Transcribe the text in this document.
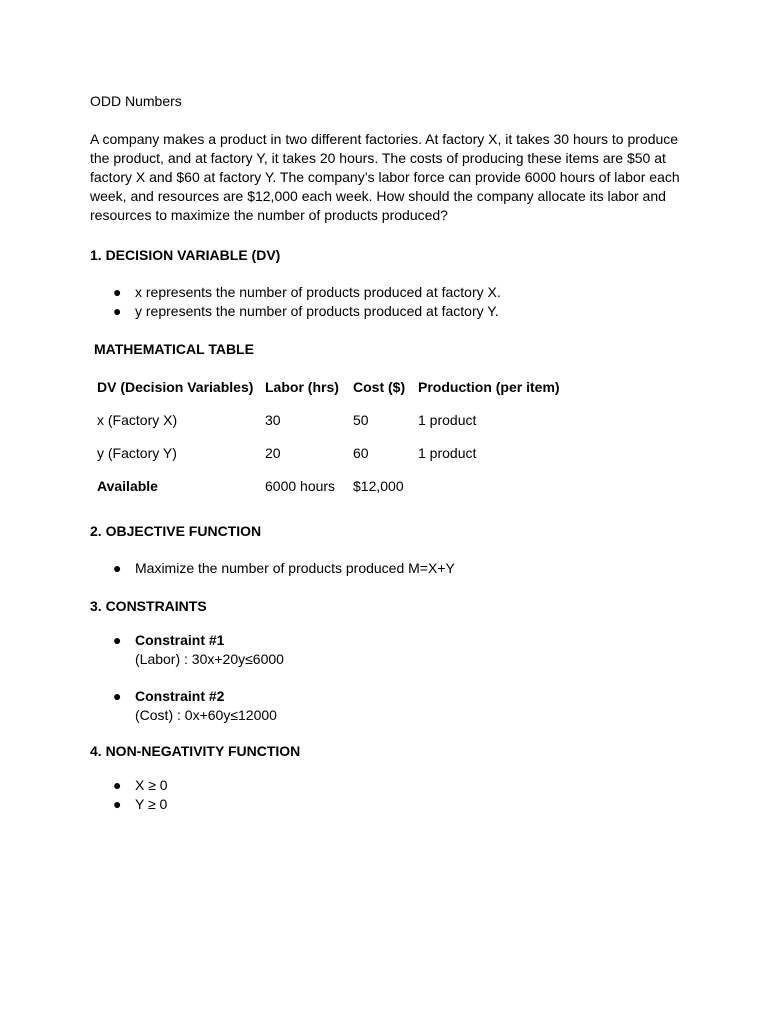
ODD Numbers

A company makes a product in two different factories. At factory X, it takes 30 hours to produce the product, and at factory Y, it takes 20 hours. The costs of producing these items are $50 at factory X and $60 at factory Y. The company’s labor force can provide 6000 hours of labor each week, and resources are $12,000 each week. How should the company allocate its labor and resources to maximize the number of products produced?

1. DECISION VARIABLE (DV)

● x represents the number of products produced at factory X.
● y represents the number of products produced at factory Y.

MATHEMATICAL TABLE

DV (Decision Variables)	Labor (hrs)	Cost ($)	Production (per item)
x (Factory X)	30	50	1 product
y (Factory Y)	20	60	1 product
Available	6000 hours	$12,000	

2. OBJECTIVE FUNCTION

● Maximize the number of products produced M=X+Y

3. CONSTRAINTS

● Constraint #1
(Labor) : 30x+20y≤6000
● Constraint #2
(Cost) : 0x+60y≤12000

4. NON-NEGATIVITY FUNCTION

● X ≥ 0
● Y ≥ 0
